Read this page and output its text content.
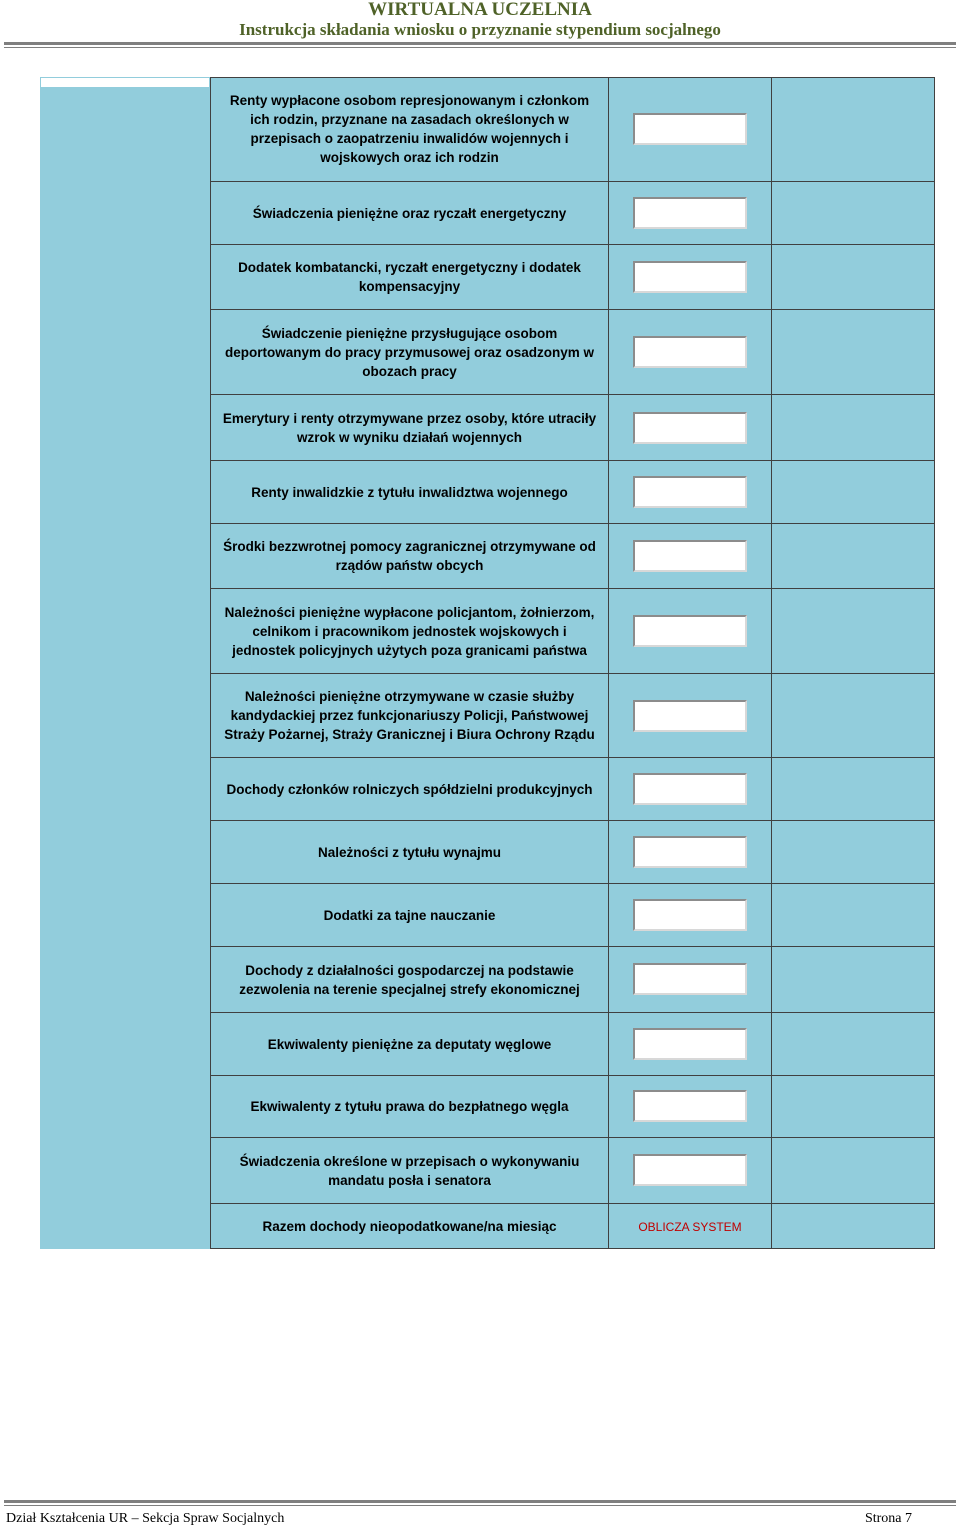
WIRTUALNA UCZELNIA
Instrukcja składania wniosku o przyznanie stypendium socjalnego
Renty wypłacone osobom represjonowanym i członkom ich rodzin, przyznane na zasadach określonych w przepisach o zaopatrzeniu inwalidów wojennych i wojskowych oraz ich rodzin
Świadczenia pieniężne oraz ryczałt energetyczny
Dodatek kombatancki, ryczałt energetyczny i dodatek kompensacyjny
Świadczenie pieniężne przysługujące osobom deportowanym do pracy przymusowej oraz osadzonym w obozach pracy
Emerytury i renty otrzymywane przez osoby, które utraciły wzrok w wyniku działań wojennych
Renty inwalidzkie z tytułu inwalidztwa wojennego
Środki bezzwrotnej pomocy zagranicznej otrzymywane od rządów państw obcych
Należności pieniężne wypłacone policjantom, żołnierzom, celnikom i pracownikom jednostek wojskowych i jednostek policyjnych użytych poza granicami państwa
Należności pieniężne otrzymywane w czasie służby kandydackiej przez funkcjonariuszy Policji, Państwowej Straży Pożarnej, Straży Granicznej i Biura Ochrony Rządu
Dochody członków rolniczych spółdzielni produkcyjnych
Należności z tytułu wynajmu
Dodatki za tajne nauczanie
Dochody z działalności gospodarczej na podstawie zezwolenia na terenie specjalnej strefy ekonomicznej
Ekwiwalenty pieniężne za deputaty węglowe
Ekwiwalenty z tytułu prawa do bezpłatnego węgla
Świadczenia określone w przepisach o wykonywaniu mandatu posła i senatora
Razem dochody nieopodatkowane/na miesiąc	OBLICZA SYSTEM
Dział Kształcenia UR – Sekcja Spraw Socjalnych	Strona 7
